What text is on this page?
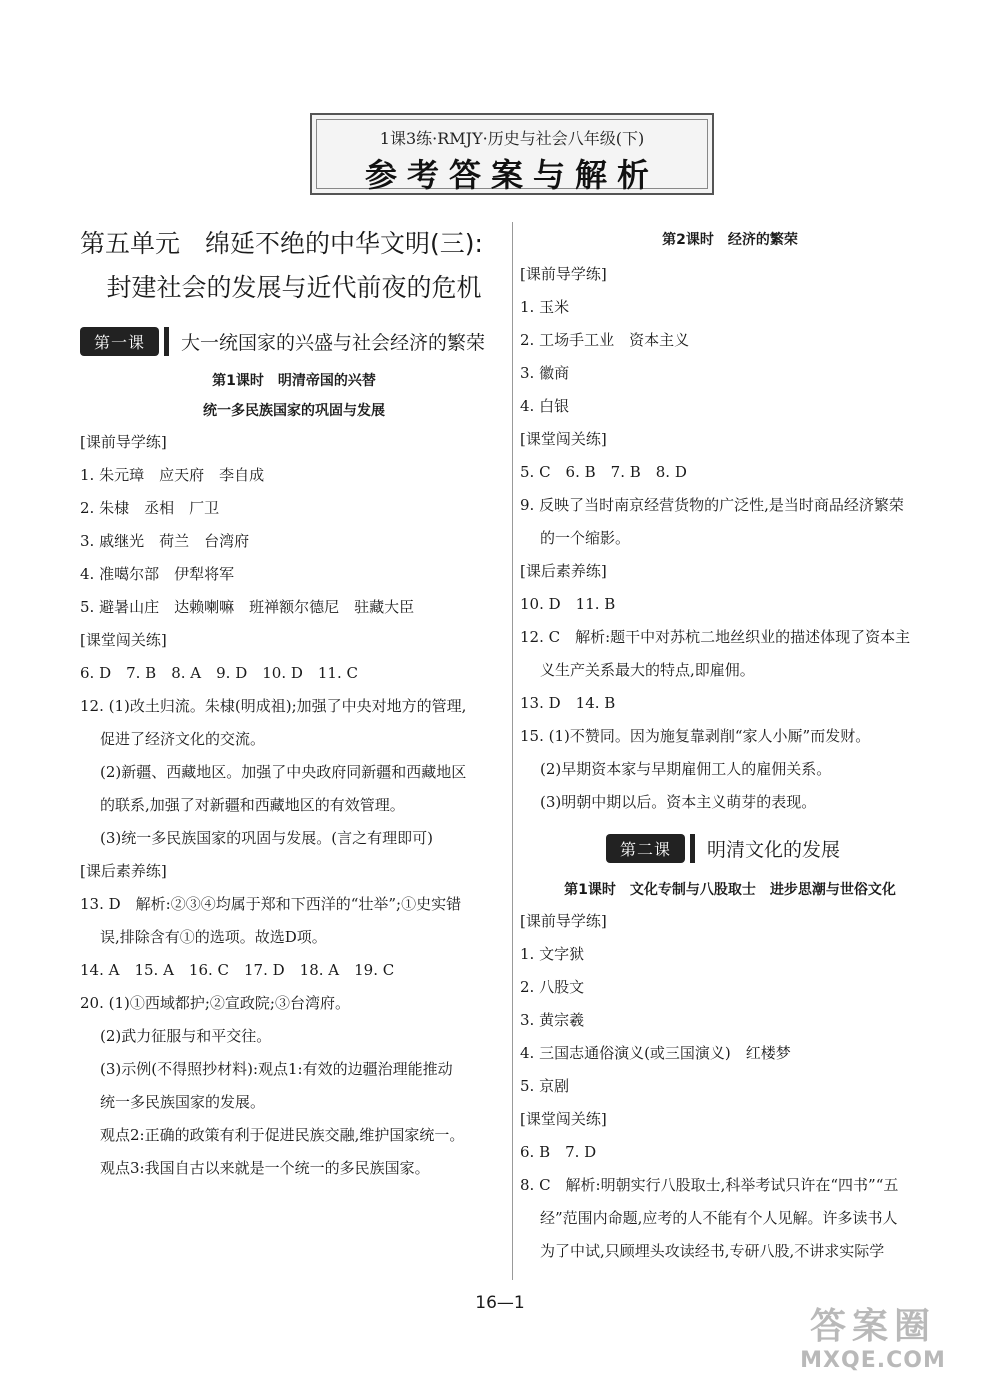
1课3练·RMJY·历史与社会八年级(下)
参考答案与解析

第五单元　绵延不绝的中华文明(三):

封建社会的发展与近代前夜的危机

第一课	大一统国家的兴盛与社会经济的繁荣
第1课时　明清帝国的兴替
统一多民族国家的巩固与发展

[课前导学练]

1. 朱元璋　应天府　李自成

2. 朱棣　丞相　厂卫

3. 戚继光　荷兰　台湾府

4. 准噶尔部　伊犁将军

5. 避暑山庄　达赖喇嘛　班禅额尔德尼　驻藏大臣

[课堂闯关练]

6. D　7. B　8. A　9. D　10. D　11. C

12. (1)改土归流。朱棣(明成祖);加强了中央对地方的管理,

促进了经济文化的交流。

(2)新疆、西藏地区。加强了中央政府同新疆和西藏地区

的联系,加强了对新疆和西藏地区的有效管理。

(3)统一多民族国家的巩固与发展。(言之有理即可)

[课后素养练]

13. D　解析:②③④均属于郑和下西洋的“壮举”;①史实错

误,排除含有①的选项。故选D项。

14. A　15. A　16. C　17. D　18. A　19. C

20. (1)①西域都护;②宣政院;③台湾府。

(2)武力征服与和平交往。

(3)示例(不得照抄材料):观点1:有效的边疆治理能推动

统一多民族国家的发展。

观点2:正确的政策有利于促进民族交融,维护国家统一。

观点3:我国自古以来就是一个统一的多民族国家。

第2课时　经济的繁荣

[课前导学练]

1. 玉米

2. 工场手工业　资本主义

3. 徽商

4. 白银

[课堂闯关练]

5. C　6. B　7. B　8. D

9. 反映了当时南京经营货物的广泛性,是当时商品经济繁荣

的一个缩影。

[课后素养练]

10. D　11. B

12. C　解析:题干中对苏杭二地丝织业的描述体现了资本主

义生产关系最大的特点,即雇佣。

13. D　14. B

15. (1)不赞同。因为施复靠剥削“家人小厮”而发财。

(2)早期资本家与早期雇佣工人的雇佣关系。

(3)明朝中期以后。资本主义萌芽的表现。

第二课	明清文化的发展
第1课时　文化专制与八股取士　进步思潮与世俗文化

[课前导学练]

1. 文字狱

2. 八股文

3. 黄宗羲

4. 三国志通俗演义(或三国演义)　红楼梦

5. 京剧

[课堂闯关练]

6. B　7. D

8. C　解析:明朝实行八股取士,科举考试只许在“四书”“五

经”范围内命题,应考的人不能有个人见解。许多读书人

为了中试,只顾埋头攻读经书,专研八股,不讲求实际学

16—1
答案圈
MXQE.COM
